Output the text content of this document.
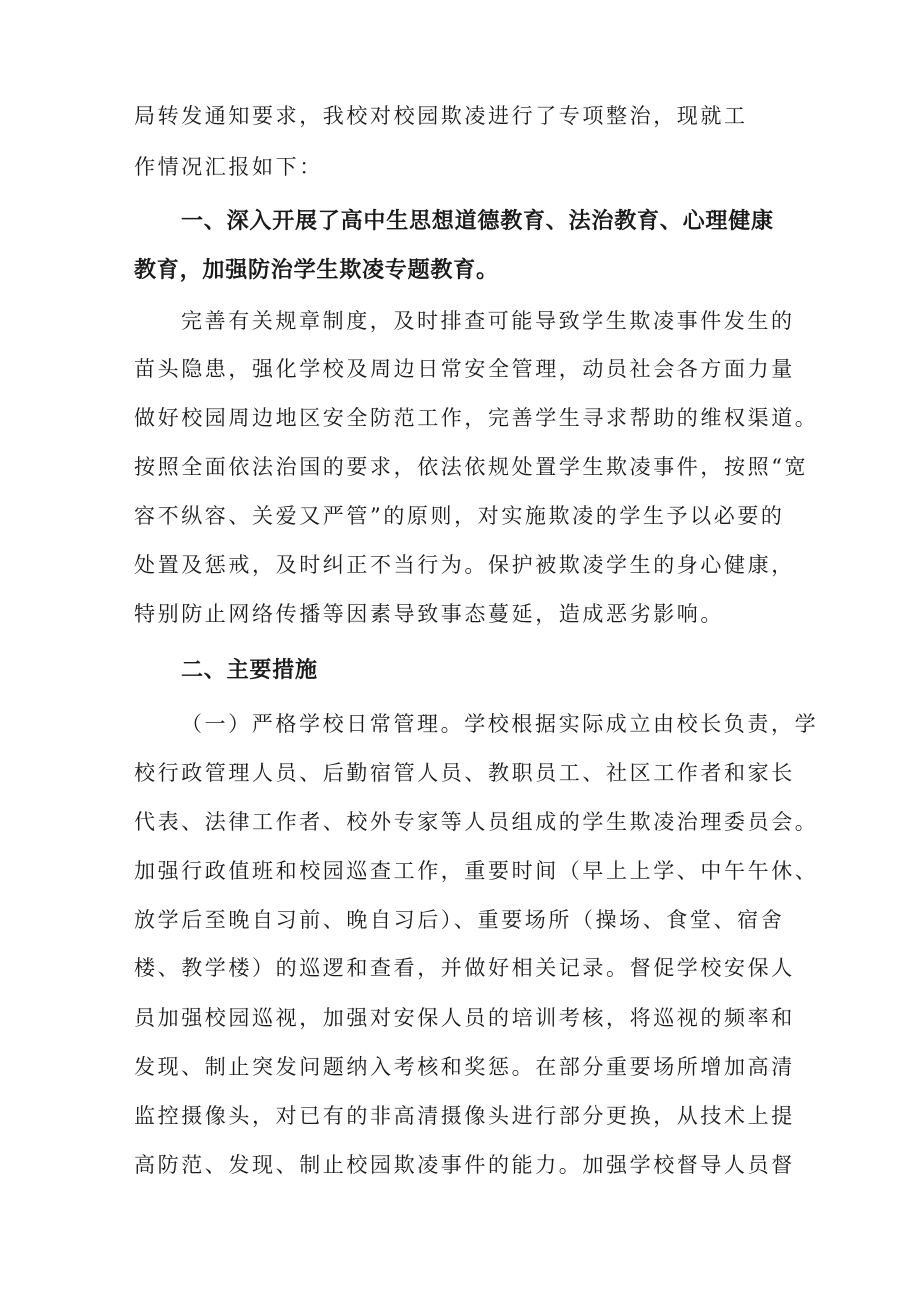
局转发通知要求，我校对校园欺凌进行了专项整治，现就工
作情况汇报如下：
一、深入开展了高中生思想道德教育、法治教育、心理健康
教育，加强防治学生欺凌专题教育。
完善有关规章制度，及时排查可能导致学生欺凌事件发生的
苗头隐患，强化学校及周边日常安全管理，动员社会各方面力量
做好校园周边地区安全防范工作，完善学生寻求帮助的维权渠道。
按照全面依法治国的要求，依法依规处置学生欺凌事件，按照“宽
容不纵容、关爱又严管”的原则，对实施欺凌的学生予以必要的
处置及惩戒，及时纠正不当行为。保护被欺凌学生的身心健康，
特别防止网络传播等因素导致事态蔓延，造成恶劣影响。
二、主要措施
（一）严格学校日常管理。学校根据实际成立由校长负责，学
校行政管理人员、后勤宿管人员、教职员工、社区工作者和家长
代表、法律工作者、校外专家等人员组成的学生欺凌治理委员会。
加强行政值班和校园巡查工作，重要时间（早上上学、中午午休、
放学后至晚自习前、晚自习后）、重要场所（操场、食堂、宿舍
楼、教学楼）的巡逻和查看，并做好相关记录。督促学校安保人
员加强校园巡视，加强对安保人员的培训考核，将巡视的频率和
发现、制止突发问题纳入考核和奖惩。在部分重要场所增加高清
监控摄像头，对已有的非高清摄像头进行部分更换，从技术上提
高防范、发现、制止校园欺凌事件的能力。加强学校督导人员督
